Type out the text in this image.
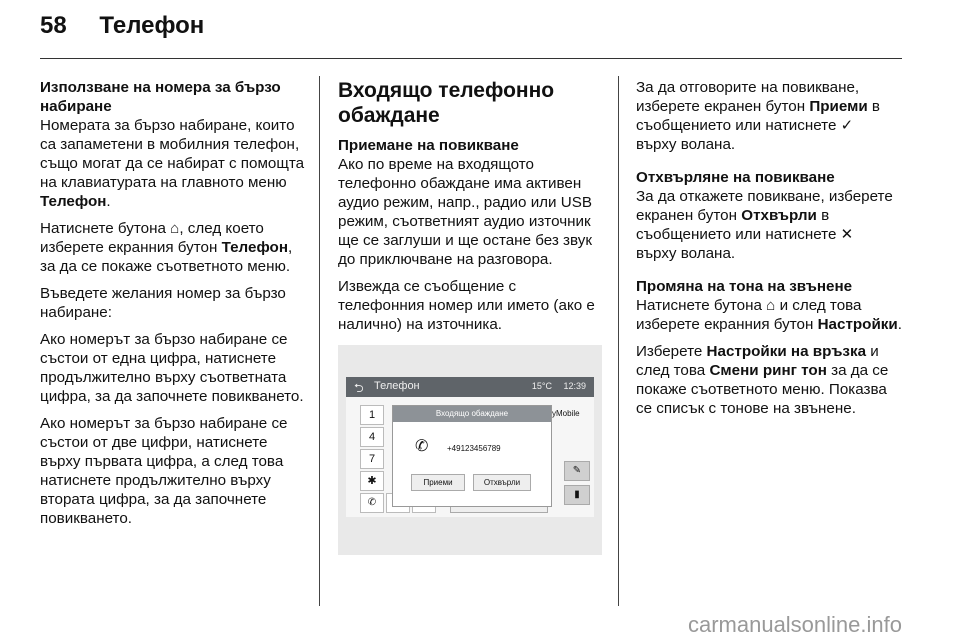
58 Телефон

Използване на номера за бързо набиране

Номерата за бързо набиране, които са запаметени в мобилния телефон, също могат да се набират с помощта на клавиатурата на главното меню Телефон.

Натиснете бутона ⌂, след което изберете екранния бутон Телефон, за да се покаже съответното меню.

Въведете желания номер за бързо набиране:

Ако номерът за бързо набиране се състои от една цифра, натиснете продължително върху съответната цифра, за да започнете повикването.

Ако номерът за бързо набиране се състои от две цифри, натиснете върху първата цифра, а след това натиснете продължително върху втората цифра, за да започнете повикването.

Входящо телефонно обаждане

Приемане на повикване

Ако по време на входящото телефонно обаждане има активен аудио режим, напр., радио или USB режим, съответният аудио източник ще се заглуши и ще остане без звук до приключване на разговора.

Извежда се съобщение с телефонния номер или името (ако е налично) на източника.

⮌ Телефон	15°C 12:39
1
4
7
✱
yMobile
✎
▮
✆
Входящо обаждане
✆ +49123456789
Приеми	Отхвърли

За да отговорите на повикване, изберете екранен бутон Приеми в съобщението или натиснете ✓
върху волана.

Отхвърляне на повикване

За да откажете повикване, изберете екранен бутон Отхвърли в съобщението или натиснете ✕
върху волана.

Промяна на тона на звънене

Натиснете бутона ⌂ и след това изберете екранния бутон Настройки.

Изберете Настройки на връзка и след това Смени ринг тон за да се покаже съответното меню. Показва се списък с тонове на звънене.

carmanualsonline.info
